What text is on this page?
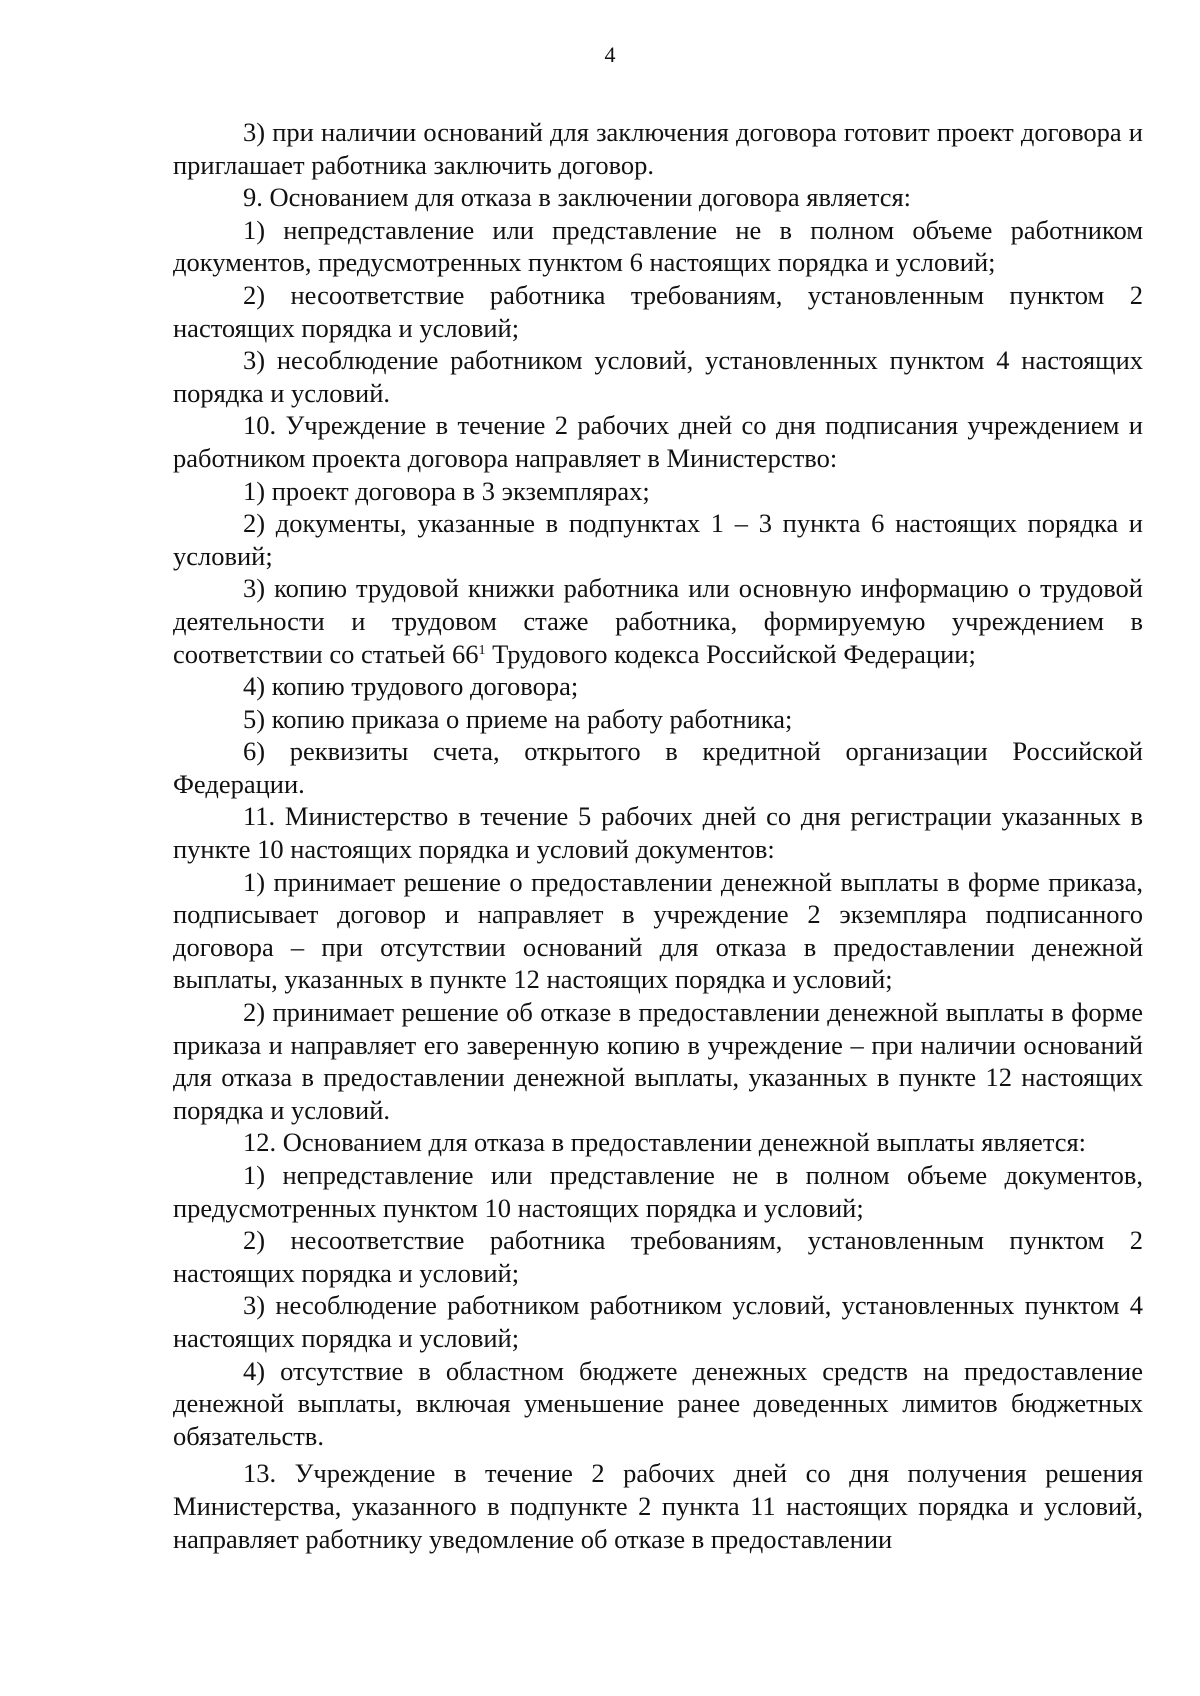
4

3) при наличии оснований для заключения договора готовит проект договора и приглашает работника заключить договор.

9. Основанием для отказа в заключении договора является:

1) непредставление или представление не в полном объеме работником документов, предусмотренных пунктом 6 настоящих порядка и условий;

2) несоответствие работника требованиям, установленным пунктом 2 настоящих порядка и условий;

3) несоблюдение работником условий, установленных пунктом 4 настоящих порядка и условий.

10. Учреждение в течение 2 рабочих дней со дня подписания учреждением и работником проекта договора направляет в Министерство:

1) проект договора в 3 экземплярах;

2) документы, указанные в подпунктах 1 – 3 пункта 6 настоящих порядка и условий;

3) копию трудовой книжки работника или основную информацию о трудовой деятельности и трудовом стаже работника, формируемую учреждением в соответствии со статьей $66^1$ Трудового кодекса Российской Федерации;

4) копию трудового договора;

5) копию приказа о приеме на работу работника;

6) реквизиты счета, открытого в кредитной организации Российской Федерации.

11. Министерство в течение 5 рабочих дней со дня регистрации указанных в пункте 10 настоящих порядка и условий документов:

1) принимает решение о предоставлении денежной выплаты в форме приказа, подписывает договор и направляет в учреждение 2 экземпляра подписанного договора – при отсутствии оснований для отказа в предоставлении денежной выплаты, указанных в пункте 12 настоящих порядка и условий;

2) принимает решение об отказе в предоставлении денежной выплаты в форме приказа и направляет его заверенную копию в учреждение – при наличии оснований для отказа в предоставлении денежной выплаты, указанных в пункте 12 настоящих порядка и условий.

12. Основанием для отказа в предоставлении денежной выплаты является:

1) непредставление или представление не в полном объеме документов, предусмотренных пунктом 10 настоящих порядка и условий;

2) несоответствие работника требованиям, установленным пунктом 2 настоящих порядка и условий;

3) несоблюдение работником работником условий, установленных пунктом 4 настоящих порядка и условий;

4) отсутствие в областном бюджете денежных средств на предоставление денежной выплаты, включая уменьшение ранее доведенных лимитов бюджетных обязательств.

13. Учреждение в течение 2 рабочих дней со дня получения решения Министерства, указанного в подпункте 2 пункта 11 настоящих порядка и условий, направляет работнику уведомление об отказе в предоставлении
